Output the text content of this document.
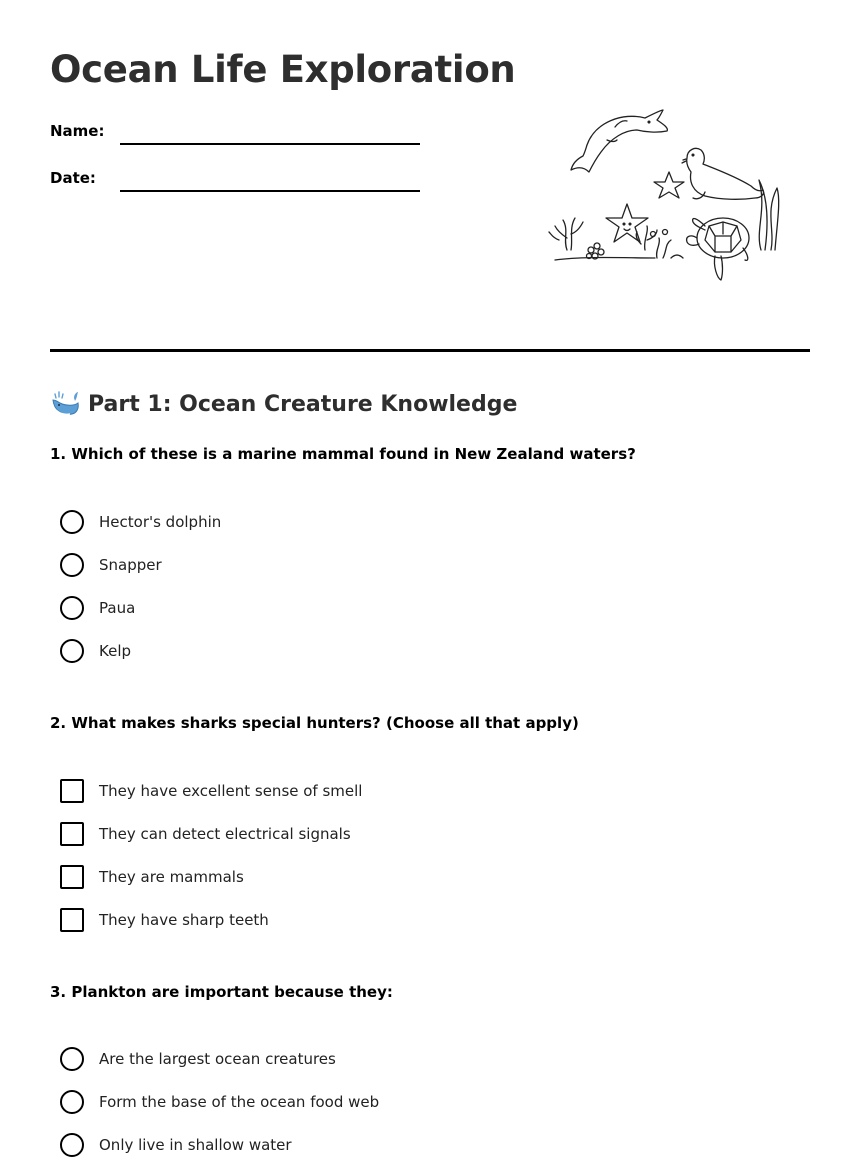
Ocean Life Exploration
Name:
Date:
Part 1: Ocean Creature Knowledge

1. Which of these is a marine mammal found in New Zealand waters?

Hector's dolphin
Snapper
Paua
Kelp

2. What makes sharks special hunters? (Choose all that apply)

They have excellent sense of smell
They can detect electrical signals
They are mammals
They have sharp teeth

3. Plankton are important because they:

Are the largest ocean creatures
Form the base of the ocean food web
Only live in shallow water
